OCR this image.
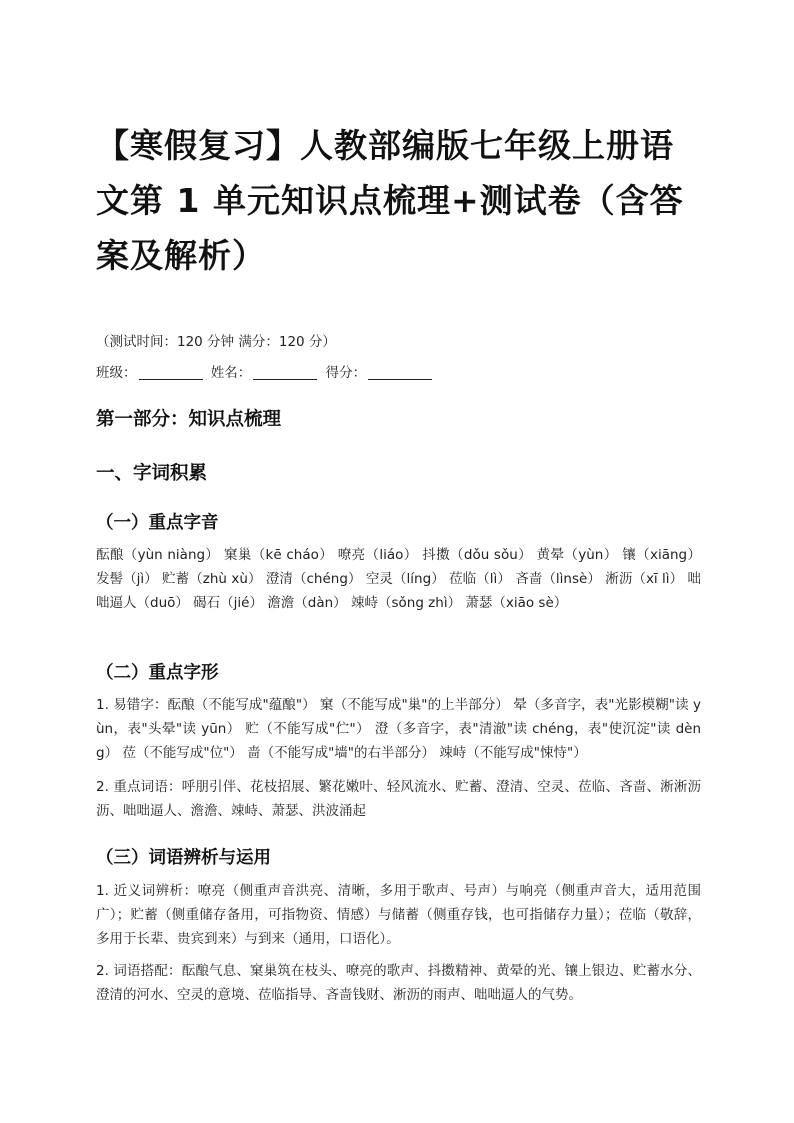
【寒假复习】人教部编版七年级上册语文第 1 单元知识点梳理+测试卷（含答案及解析）
（测试时间：120 分钟 满分：120 分）
班级：	姓名：	得分：
第一部分：知识点梳理
一、字词积累
（一）重点字音
酝酿（yùn niàng） 窠巢（kē cháo） 嘹亮（liáo） 抖擞（dǒu sǒu） 黄晕（yùn） 镶（xiāng） 发髻（jì） 贮蓄（zhù xù） 澄清（chéng） 空灵（líng） 莅临（lì） 吝啬（lìnsè） 淅沥（xī lì） 咄咄逼人（duō） 碣石（jié） 澹澹（dàn） 竦峙（sǒng zhì） 萧瑟（xiāo sè）
（二）重点字形
1. 易错字：酝酿（不能写成"蕴酿"） 窠（不能写成"巢"的上半部分） 晕（多音字，表"光影模糊"读 yùn，表"头晕"读 yūn） 贮（不能写成"伫"） 澄（多音字，表"清澈"读 chéng，表"使沉淀"读 dèng） 莅（不能写成"位"） 啬（不能写成"墙"的右半部分） 竦峙（不能写成"悚恃"）
2. 重点词语：呼朋引伴、花枝招展、繁花嫩叶、轻风流水、贮蓄、澄清、空灵、莅临、吝啬、淅淅沥沥、咄咄逼人、澹澹、竦峙、萧瑟、洪波涌起
（三）词语辨析与运用
1. 近义词辨析：嘹亮（侧重声音洪亮、清晰，多用于歌声、号声）与响亮（侧重声音大，适用范围广）；贮蓄（侧重储存备用，可指物资、情感）与储蓄（侧重存钱，也可指储存力量）；莅临（敬辞，多用于长辈、贵宾到来）与到来（通用，口语化）。
2. 词语搭配：酝酿气息、窠巢筑在枝头、嘹亮的歌声、抖擞精神、黄晕的光、镶上银边、贮蓄水分、澄清的河水、空灵的意境、莅临指导、吝啬钱财、淅沥的雨声、咄咄逼人的气势。
